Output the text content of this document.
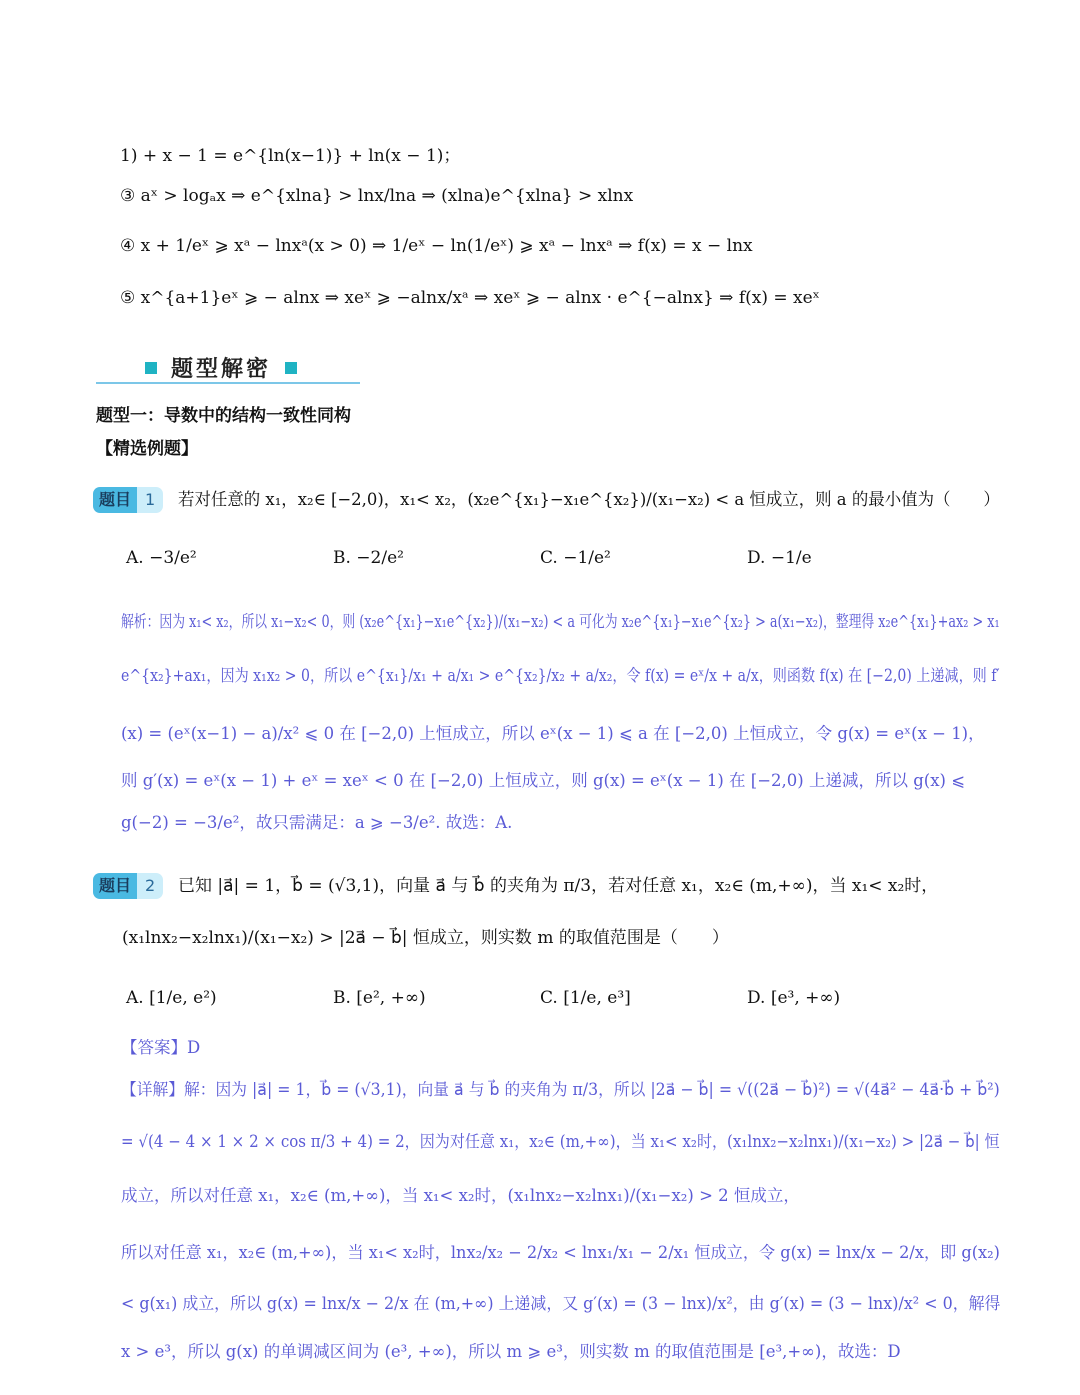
1) + x − 1 = e^{ln(x−1)} + ln(x − 1)；
③ aˣ > logₐx ⇒ e^{xlna} > lnx/lna ⇒ (xlna)e^{xlna} > xlnx
④ x + 1/eˣ ⩾ xᵃ − lnxᵃ(x > 0) ⇒ 1/eˣ − ln(1/eˣ) ⩾ xᵃ − lnxᵃ ⇒ f(x) = x − lnx
⑤ x^{a+1}eˣ ⩾ − alnx ⇒ xeˣ ⩾ −alnx/xᵃ ⇒ xeˣ ⩾ − alnx · e^{−alnx} ⇒ f(x) = xeˣ
题型解密
题型一：导数中的结构一致性同构
【精选例题】
题目 1	若对任意的 x₁，x₂∈ [−2,0)，x₁< x₂，(x₂e^{x₁}−x₁e^{x₂})/(x₁−x₂) < a 恒成立，则 a 的最小值为（　　）
A. −3/e²	B. −2/e²	C. −1/e²	D. −1/e
解析：因为 x₁< x₂，所以 x₁−x₂< 0，则 (x₂e^{x₁}−x₁e^{x₂})/(x₁−x₂) < a 可化为 x₂e^{x₁}−x₁e^{x₂} > a(x₁−x₂)，整理得 x₂e^{x₁}+ax₂ > x₁
e^{x₂}+ax₁，因为 x₁x₂ > 0，所以 e^{x₁}/x₁ + a/x₁ > e^{x₂}/x₂ + a/x₂，令 f(x) = eˣ/x + a/x，则函数 f(x) 在 [−2,0) 上递减，则 f′
(x) = (eˣ(x−1) − a)/x² ⩽ 0 在 [−2,0) 上恒成立，所以 eˣ(x − 1) ⩽ a 在 [−2,0) 上恒成立，令 g(x) = eˣ(x − 1)，
则 g′(x) = eˣ(x − 1) + eˣ = xeˣ < 0 在 [−2,0) 上恒成立，则 g(x) = eˣ(x − 1) 在 [−2,0) 上递减，所以 g(x) ⩽
g(−2) = −3/e²，故只需满足：a ⩾ −3/e². 故选：A.
题目 2	已知 |a⃗| = 1，b⃗ = (√3,1)，向量 a⃗ 与 b⃗ 的夹角为 π/3，若对任意 x₁，x₂∈ (m,+∞)，当 x₁< x₂时，
(x₁lnx₂−x₂lnx₁)/(x₁−x₂) > |2a⃗ − b⃗| 恒成立，则实数 m 的取值范围是（　　）
A. [1/e, e²)	B. [e², +∞)	C. [1/e, e³]	D. [e³, +∞)
【答案】D
【详解】解：因为 |a⃗| = 1，b⃗ = (√3,1)，向量 a⃗ 与 b⃗ 的夹角为 π/3，所以 |2a⃗ − b⃗| = √((2a⃗ − b⃗)²) = √(4a⃗² − 4a⃗·b⃗ + b⃗²)
= √(4 − 4 × 1 × 2 × cos π/3 + 4) = 2，因为对任意 x₁，x₂∈ (m,+∞)，当 x₁< x₂时，(x₁lnx₂−x₂lnx₁)/(x₁−x₂) > |2a⃗ − b⃗| 恒
成立，所以对任意 x₁，x₂∈ (m,+∞)，当 x₁< x₂时，(x₁lnx₂−x₂lnx₁)/(x₁−x₂) > 2 恒成立，
所以对任意 x₁，x₂∈ (m,+∞)，当 x₁< x₂时，lnx₂/x₂ − 2/x₂ < lnx₁/x₁ − 2/x₁ 恒成立，令 g(x) = lnx/x − 2/x，即 g(x₂)
< g(x₁) 成立，所以 g(x) = lnx/x − 2/x 在 (m,+∞) 上递减，又 g′(x) = (3 − lnx)/x²，由 g′(x) = (3 − lnx)/x² < 0，解得
x > e³，所以 g(x) 的单调减区间为 (e³, +∞)，所以 m ⩾ e³，则实数 m 的取值范围是 [e³,+∞)，故选：D
